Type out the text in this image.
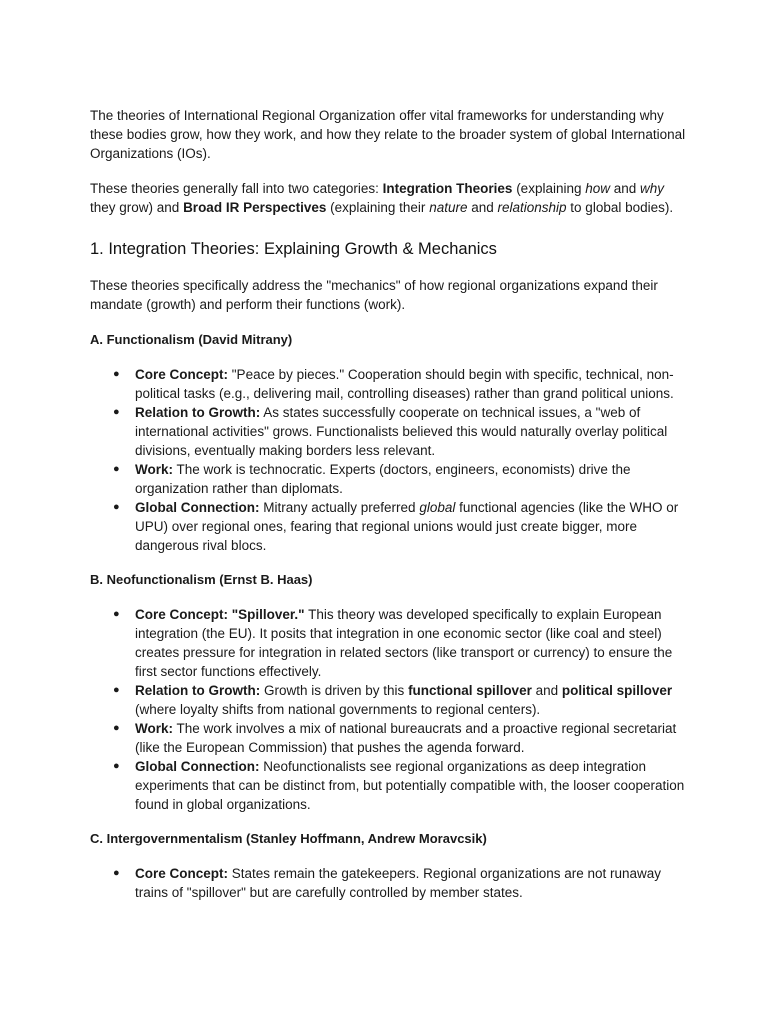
The theories of International Regional Organization offer vital frameworks for understanding why these bodies grow, how they work, and how they relate to the broader system of global International Organizations (IOs).

These theories generally fall into two categories: Integration Theories (explaining how and why they grow) and Broad IR Perspectives (explaining their nature and relationship to global bodies).

1. Integration Theories: Explaining Growth & Mechanics

These theories specifically address the "mechanics" of how regional organizations expand their mandate (growth) and perform their functions (work).

A. Functionalism (David Mitrany)
● Core Concept: "Peace by pieces." Cooperation should begin with specific, technical, non-political tasks (e.g., delivering mail, controlling diseases) rather than grand political unions.
● Relation to Growth: As states successfully cooperate on technical issues, a "web of international activities" grows. Functionalists believed this would naturally overlay political divisions, eventually making borders less relevant.
● Work: The work is technocratic. Experts (doctors, engineers, economists) drive the organization rather than diplomats.
● Global Connection: Mitrany actually preferred global functional agencies (like the WHO or UPU) over regional ones, fearing that regional unions would just create bigger, more dangerous rival blocs.
B. Neofunctionalism (Ernst B. Haas)
● Core Concept: "Spillover." This theory was developed specifically to explain European integration (the EU). It posits that integration in one economic sector (like coal and steel) creates pressure for integration in related sectors (like transport or currency) to ensure the first sector functions effectively.
● Relation to Growth: Growth is driven by this functional spillover and political spillover (where loyalty shifts from national governments to regional centers).
● Work: The work involves a mix of national bureaucrats and a proactive regional secretariat (like the European Commission) that pushes the agenda forward.
● Global Connection: Neofunctionalists see regional organizations as deep integration experiments that can be distinct from, but potentially compatible with, the looser cooperation found in global organizations.
C. Intergovernmentalism (Stanley Hoffmann, Andrew Moravcsik)
● Core Concept: States remain the gatekeepers. Regional organizations are not runaway trains of "spillover" but are carefully controlled by member states.
